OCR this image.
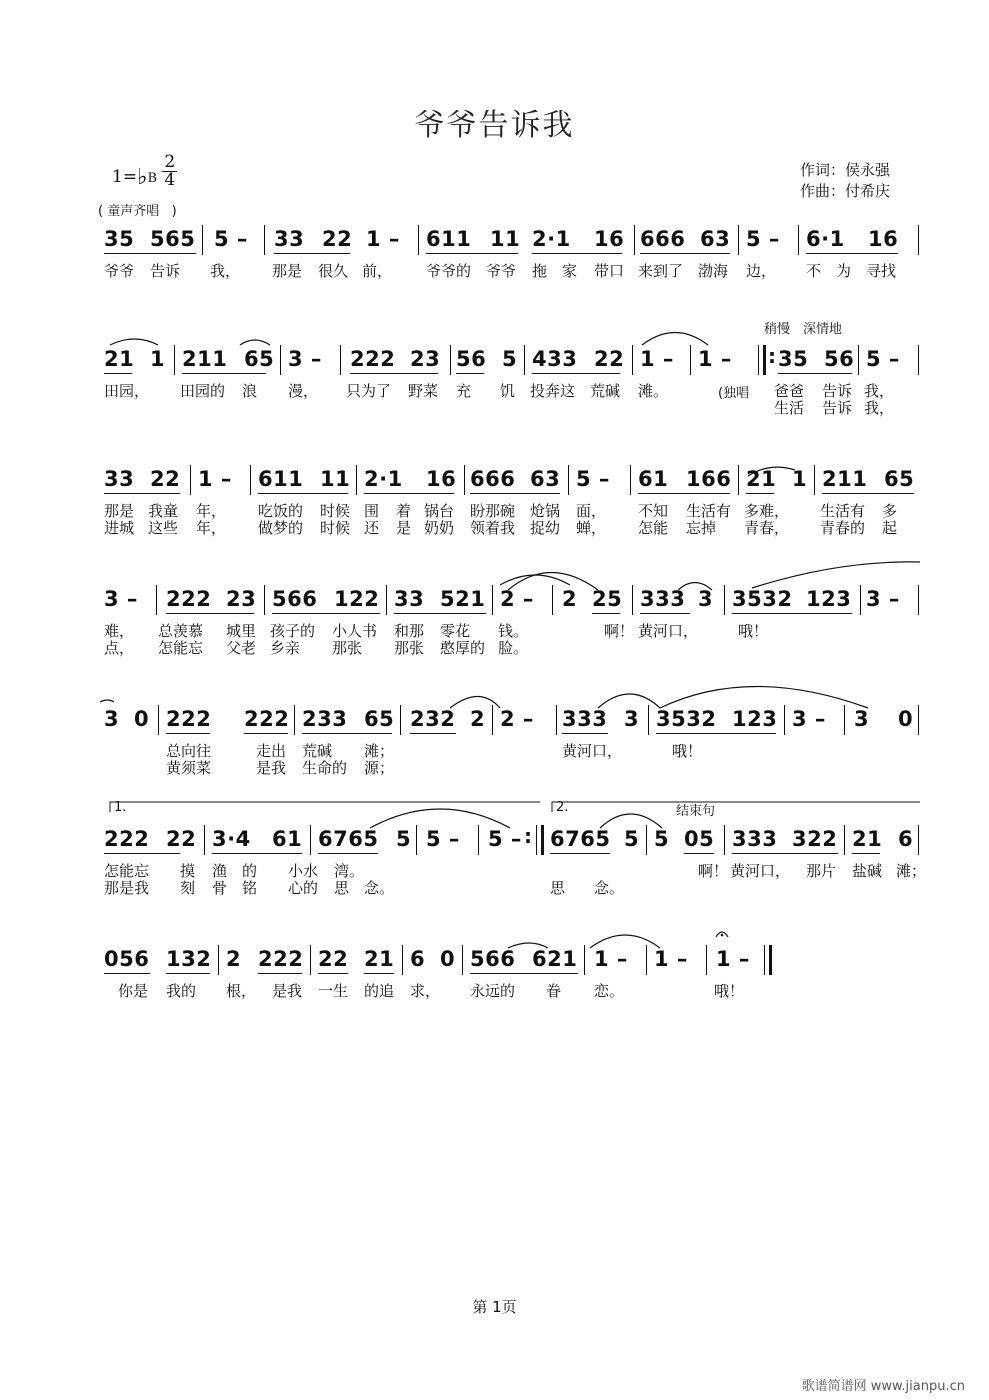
爷爷告诉我
1=♭B $\frac{2}{4}$	作词：侯永强
作曲：付希庆
( 童声齐唱   )
稍慢　深情地
(独唱
结束句
1.	2.
35 565 5 – 33 22 1 – 611 11 2·1 16 666 63 5 – 6·1 16
爷爷 告诉 我， 那是 很久 前， 爷爷的 爷爷 拖 家 带口 来到了 渤海 边， 不 为 寻找
21 1 211 65 3 – 222 23 56 5 433 22 1 – 1 – : 35 56 5 –
田园， 田园的 浪 漫， 只为了 野菜 充 饥 投奔这 荒碱 滩。	爸爸 告诉 我，
生活 告诉 我，
33 22 1 – 611 11 2·1 16 666 63 5 – 61 166 21 1 211 65
那是 我童 年， 吃饭的 时候 围 着 锅台 盼那碗 炝锅 面， 不知 生活有 多难， 生活有 多
进城 这些 年， 做梦的 时候 还 是 奶奶 领着我 捉幼 蝉， 怎能 忘掉 青春， 青春的 起
3 – 222 23 566 122 33 521 2 – 2 25 333 3 3532 123 3 –
难， 总羡慕 城里 孩子的 小人书 和那 零花 钱。	啊！ 黄河口，	哦！
点， 怎能忘 父老 乡亲 那张 那张 憨厚的 脸。
3 0 222 222 233 65 232 2 2 – 333 3 3532 123 3 – 3 0
总向往	走出 荒碱 滩；	黄河口，	哦！
黄须菜	是我 生命的 源；
222 22 3·4 61 6765 5 5 – 5 – : 6765 5 5 05 333 322 21 6
怎能忘 摸 渔 的 小水 湾。	啊！ 黄河口， 那片 盐碱 滩；
那是我 刻 骨 铭 心的 思 念。	思 念。
056 132 2 222 22 21 6 0 566 621 1 – 1 – 1 –
你是 我的 根， 是我 一生 的追 求， 永远的 眷 恋。	哦！
第 1页
歌谱简谱网 www.jianpu.cn
